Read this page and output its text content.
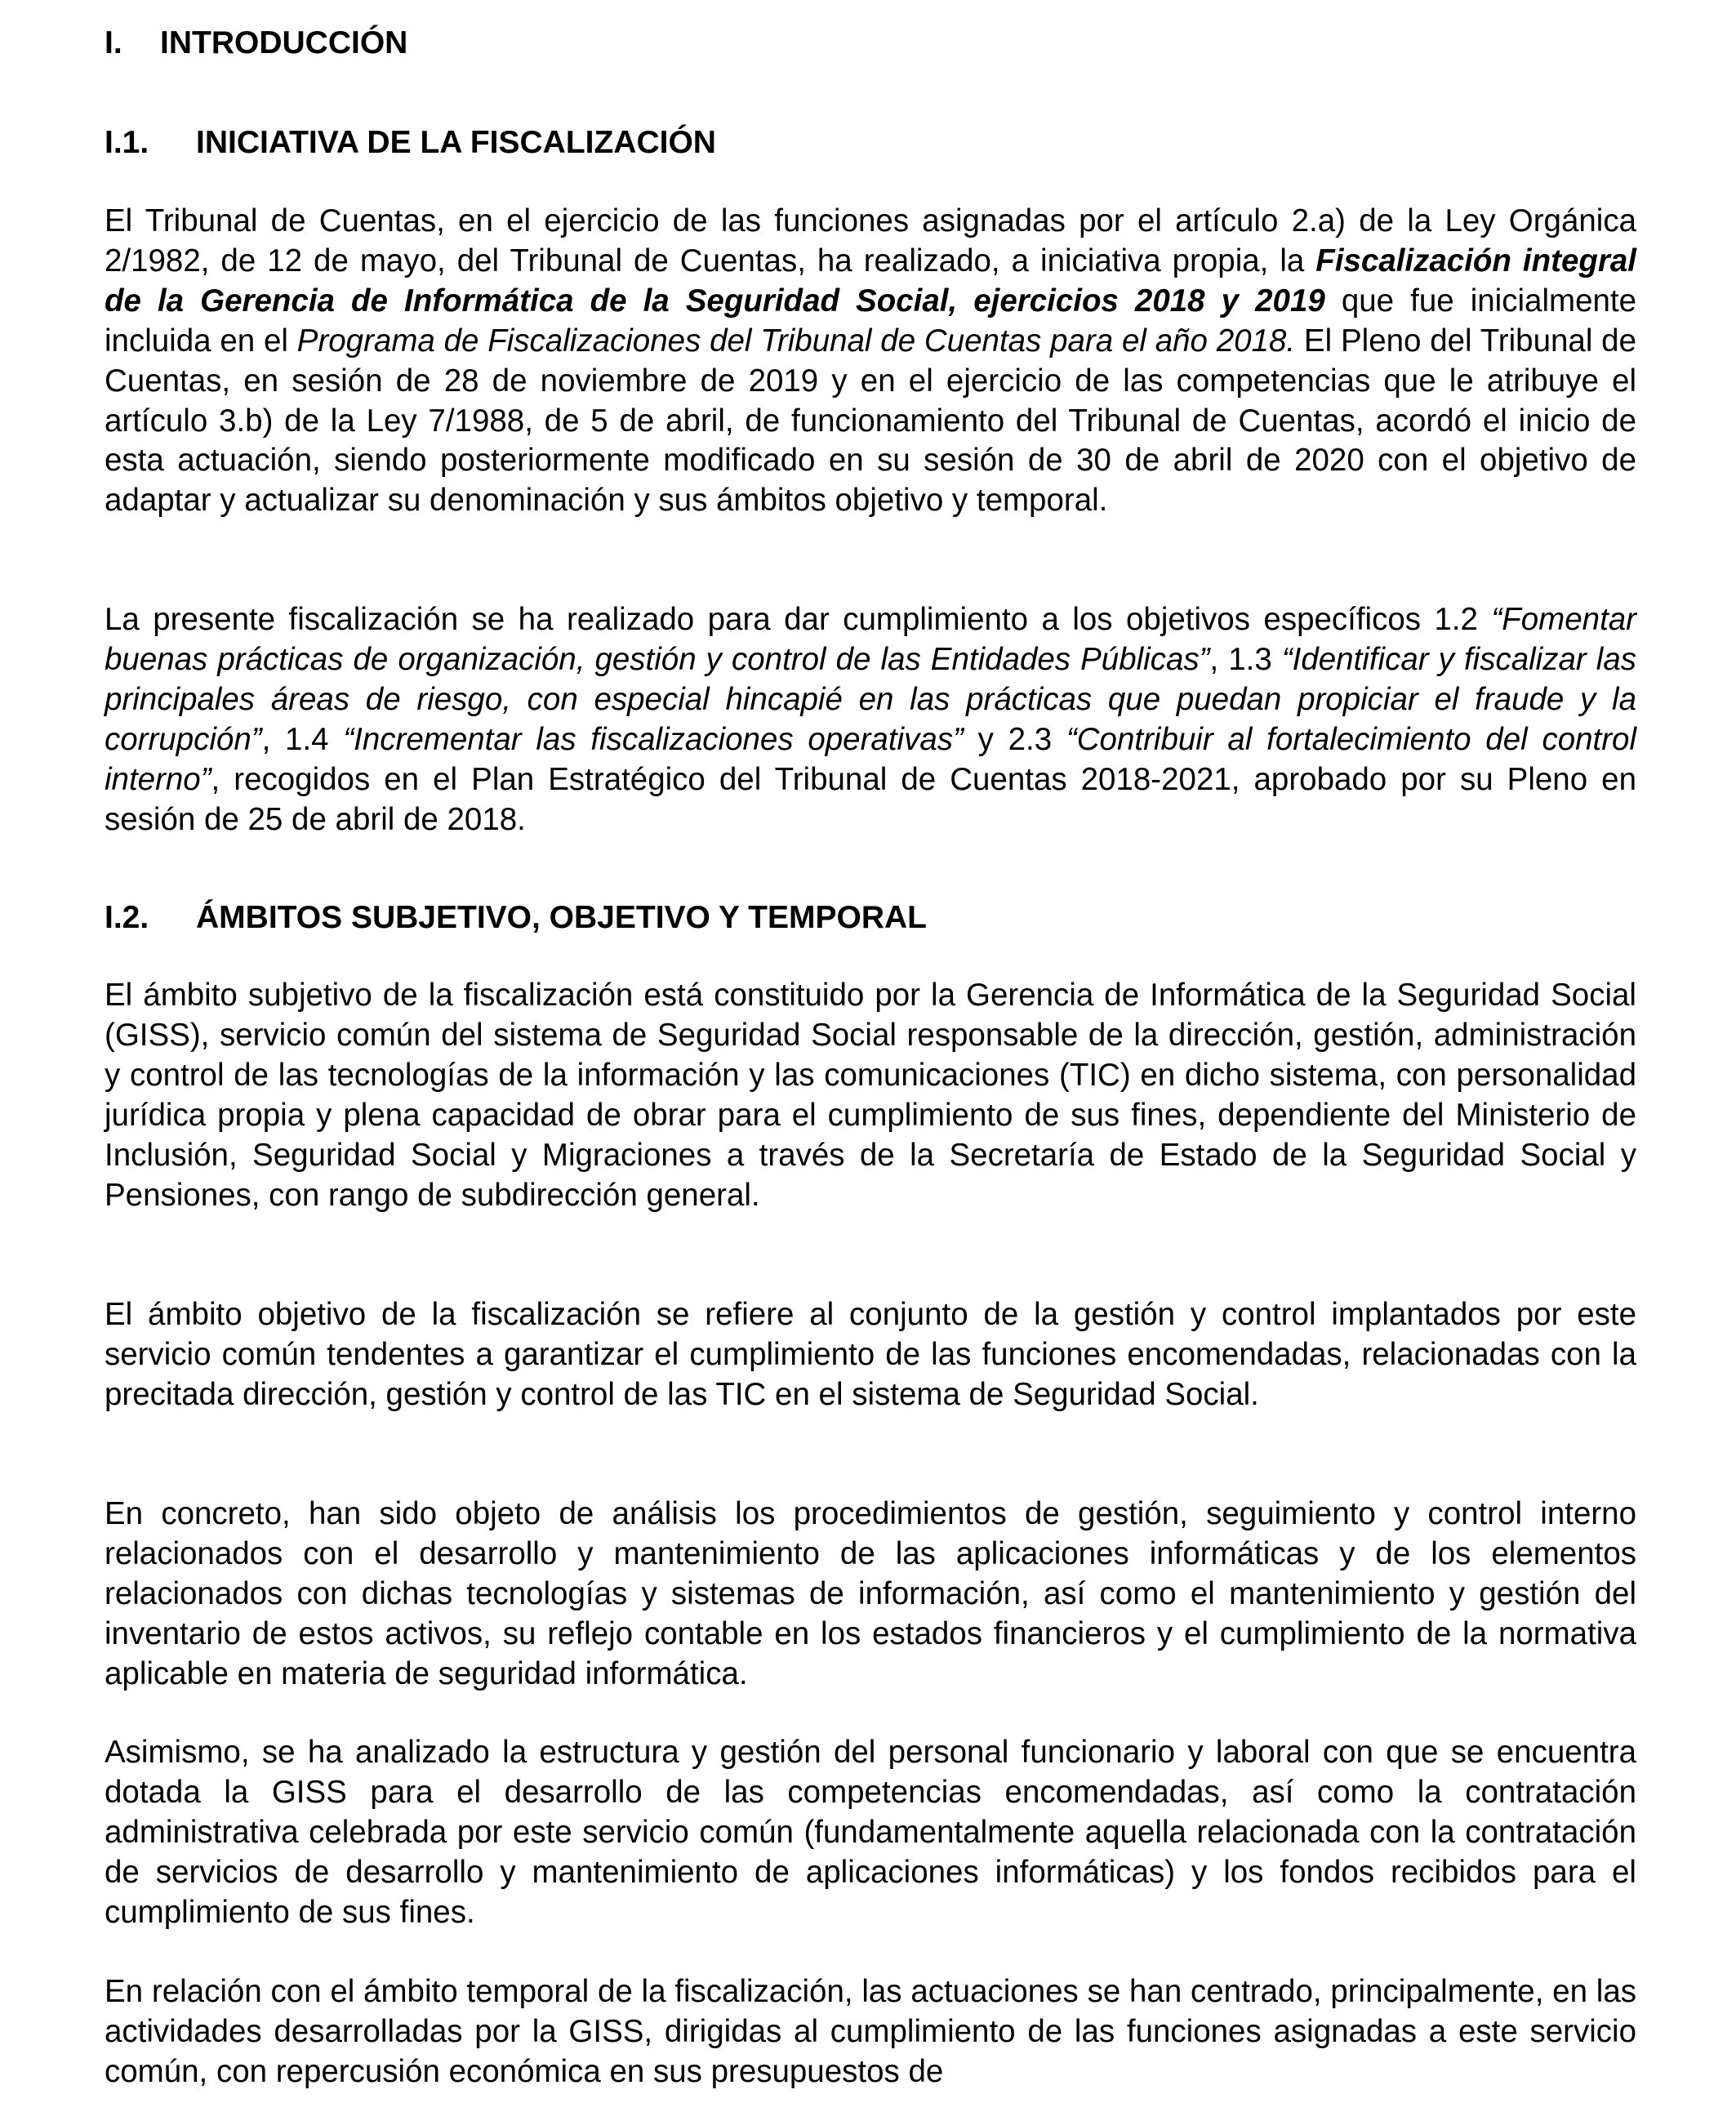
I. INTRODUCCIÓN
I.1. INICIATIVA DE LA FISCALIZACIÓN

El Tribunal de Cuentas, en el ejercicio de las funciones asignadas por el artículo 2.a) de la Ley Orgánica 2/1982, de 12 de mayo, del Tribunal de Cuentas, ha realizado, a iniciativa propia, la Fiscalización integral de la Gerencia de Informática de la Seguridad Social, ejercicios 2018 y 2019 que fue inicialmente incluida en el Programa de Fiscalizaciones del Tribunal de Cuentas para el año 2018. El Pleno del Tribunal de Cuentas, en sesión de 28 de noviembre de 2019 y en el ejercicio de las competencias que le atribuye el artículo 3.b) de la Ley 7/1988, de 5 de abril, de funcionamiento del Tribunal de Cuentas, acordó el inicio de esta actuación, siendo posteriormente modificado en su sesión de 30 de abril de 2020 con el objetivo de adaptar y actualizar su denominación y sus ámbitos objetivo y temporal.

La presente fiscalización se ha realizado para dar cumplimiento a los objetivos específicos 1.2 “Fomentar buenas prácticas de organización, gestión y control de las Entidades Públicas”, 1.3 “Identificar y fiscalizar las principales áreas de riesgo, con especial hincapié en las prácticas que puedan propiciar el fraude y la corrupción”, 1.4 “Incrementar las fiscalizaciones operativas” y 2.3 “Contribuir al fortalecimiento del control interno”, recogidos en el Plan Estratégico del Tribunal de Cuentas 2018-2021, aprobado por su Pleno en sesión de 25 de abril de 2018.

I.2. ÁMBITOS SUBJETIVO, OBJETIVO Y TEMPORAL

El ámbito subjetivo de la fiscalización está constituido por la Gerencia de Informática de la Seguridad Social (GISS), servicio común del sistema de Seguridad Social responsable de la dirección, gestión, administración y control de las tecnologías de la información y las comunicaciones (TIC) en dicho sistema, con personalidad jurídica propia y plena capacidad de obrar para el cumplimiento de sus fines, dependiente del Ministerio de Inclusión, Seguridad Social y Migraciones a través de la Secretaría de Estado de la Seguridad Social y Pensiones, con rango de subdirección general.

El ámbito objetivo de la fiscalización se refiere al conjunto de la gestión y control implantados por este servicio común tendentes a garantizar el cumplimiento de las funciones encomendadas, relacionadas con la precitada dirección, gestión y control de las TIC en el sistema de Seguridad Social.

En concreto, han sido objeto de análisis los procedimientos de gestión, seguimiento y control interno relacionados con el desarrollo y mantenimiento de las aplicaciones informáticas y de los elementos relacionados con dichas tecnologías y sistemas de información, así como el mantenimiento y gestión del inventario de estos activos, su reflejo contable en los estados financieros y el cumplimiento de la normativa aplicable en materia de seguridad informática.

Asimismo, se ha analizado la estructura y gestión del personal funcionario y laboral con que se encuentra dotada la GISS para el desarrollo de las competencias encomendadas, así como la contratación administrativa celebrada por este servicio común (fundamentalmente aquella relacionada con la contratación de servicios de desarrollo y mantenimiento de aplicaciones informáticas) y los fondos recibidos para el cumplimiento de sus fines.

En relación con el ámbito temporal de la fiscalización, las actuaciones se han centrado, principalmente, en las actividades desarrolladas por la GISS, dirigidas al cumplimiento de las funciones asignadas a este servicio común, con repercusión económica en sus presupuestos de
